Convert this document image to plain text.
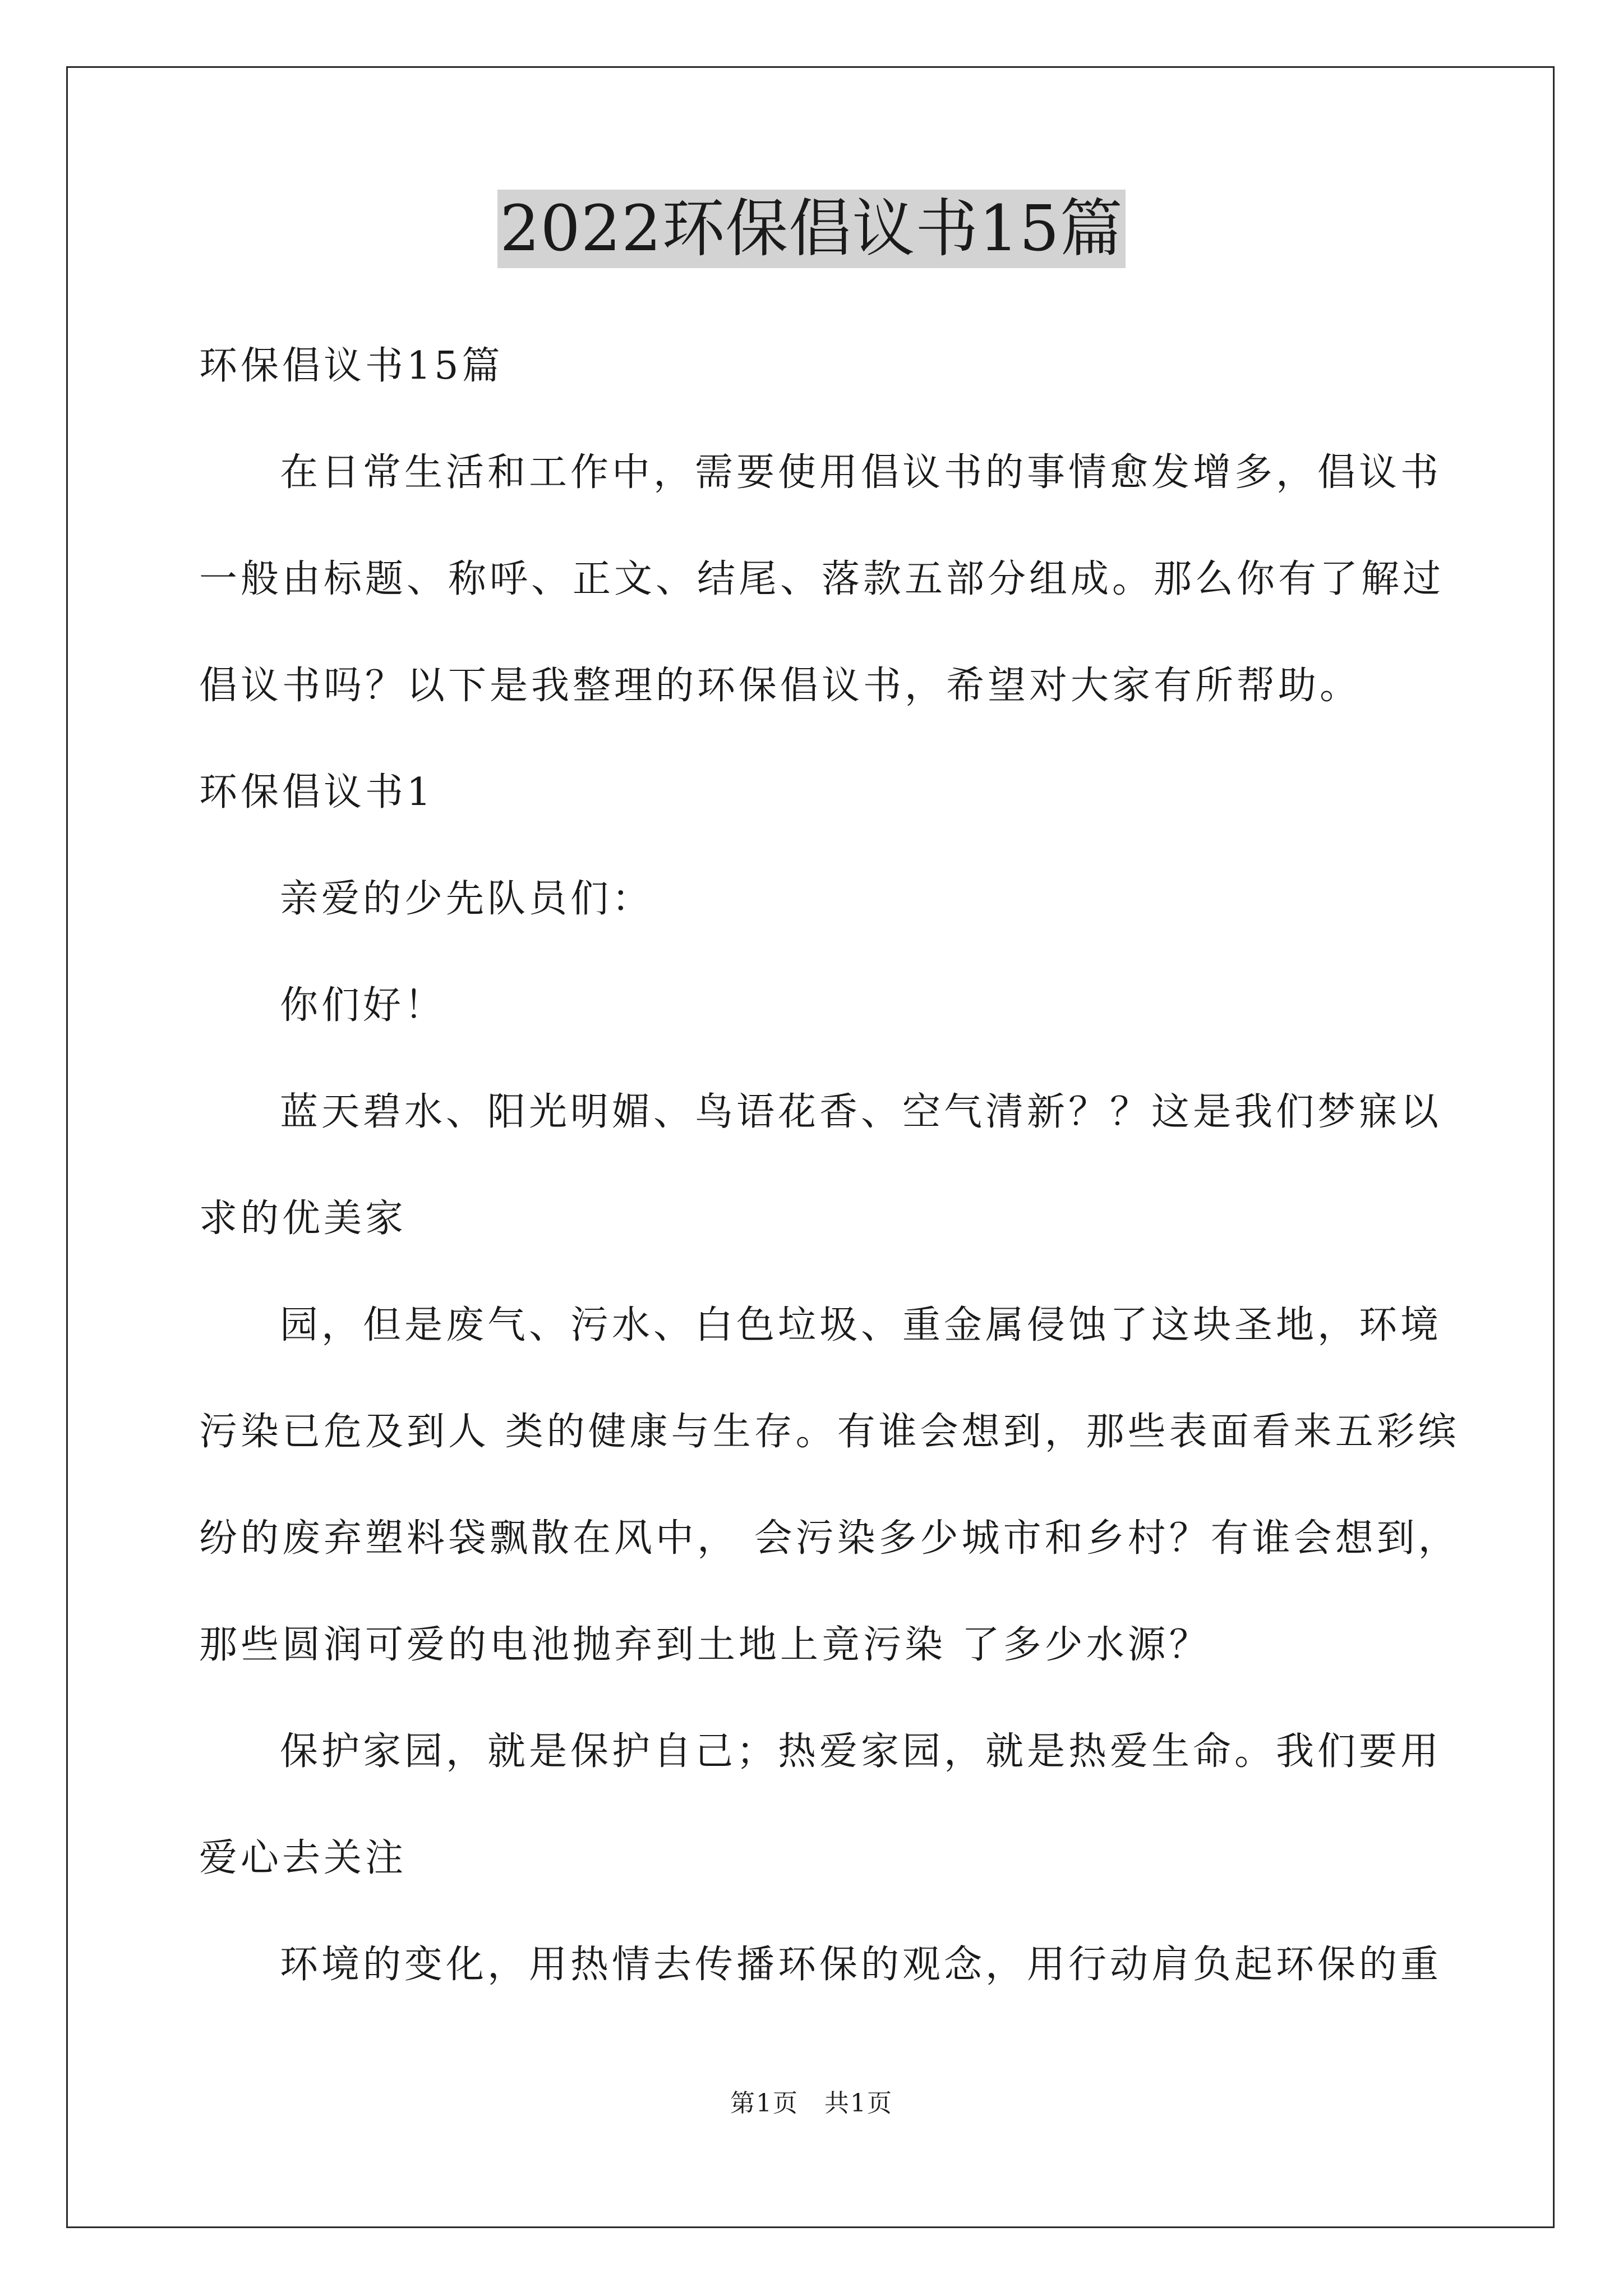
2022环保倡议书15篇

环保倡议书15篇

在日常生活和工作中，需要使用倡议书的事情愈发增多，倡议书

一般由标题、称呼、正文、结尾、落款五部分组成。那么你有了解过

倡议书吗？以下是我整理的环保倡议书，希望对大家有所帮助。

环保倡议书1

亲爱的少先队员们：

你们好！

蓝天碧水、阳光明媚、鸟语花香、空气清新？？这是我们梦寐以

求的优美家

园，但是废气、污水、白色垃圾、重金属侵蚀了这块圣地，环境

污染已危及到人 类的健康与生存。有谁会想到，那些表面看来五彩缤

纷的废弃塑料袋飘散在风中， 会污染多少城市和乡村？有谁会想到，

那些圆润可爱的电池抛弃到土地上竟污染 了多少水源？

保护家园，就是保护自己；热爱家园，就是热爱生命。我们要用

爱心去关注

环境的变化，用热情去传播环保的观念，用行动肩负起环保的重

第1页　共1页
